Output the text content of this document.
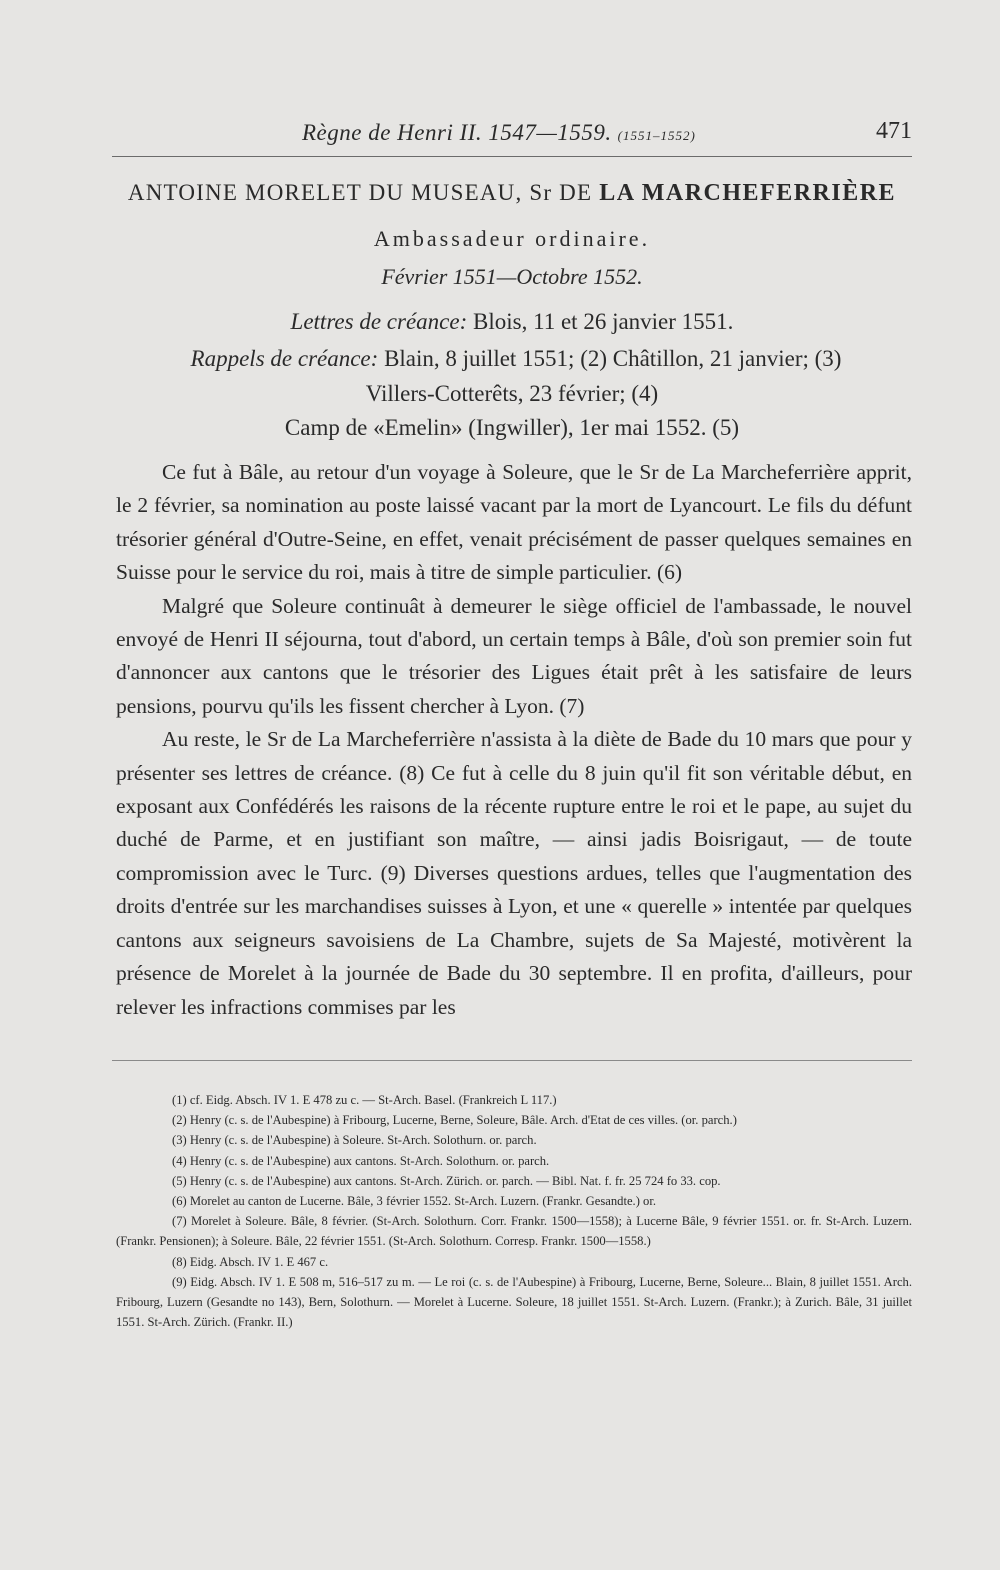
Règne de Henri II. 1547—1559. (1551–1552)	471
ANTOINE MORELET DU MUSEAU, Sr DE LA MARCHEFERRIÈRE
Ambassadeur ordinaire.
Février 1551—Octobre 1552.
Lettres de créance: Blois, 11 et 26 janvier 1551.
Rappels de créance: Blain, 8 juillet 1551; (2) Châtillon, 21 janvier; (3)
Villers-Cotterêts, 23 février; (4)
Camp de «Emelin» (Ingwiller), 1er mai 1552. (5)

Ce fut à Bâle, au retour d'un voyage à Soleure, que le Sr de La Marcheferrière apprit, le 2 février, sa nomination au poste laissé vacant par la mort de Lyancourt. Le fils du défunt trésorier général d'Outre-Seine, en effet, venait précisément de passer quelques semaines en Suisse pour le service du roi, mais à titre de simple particulier. (6)

Malgré que Soleure continuât à demeurer le siège officiel de l'ambassade, le nouvel envoyé de Henri II séjourna, tout d'abord, un certain temps à Bâle, d'où son premier soin fut d'annoncer aux cantons que le trésorier des Ligues était prêt à les satisfaire de leurs pensions, pourvu qu'ils les fissent chercher à Lyon. (7)

Au reste, le Sr de La Marcheferrière n'assista à la diète de Bade du 10 mars que pour y présenter ses lettres de créance. (8) Ce fut à celle du 8 juin qu'il fit son véritable début, en exposant aux Confédérés les raisons de la récente rupture entre le roi et le pape, au sujet du duché de Parme, et en justifiant son maître, — ainsi jadis Boisrigaut, — de toute compromission avec le Turc. (9) Diverses questions ardues, telles que l'augmentation des droits d'entrée sur les marchandises suisses à Lyon, et une « querelle » intentée par quelques cantons aux seigneurs savoisiens de La Chambre, sujets de Sa Majesté, motivèrent la présence de Morelet à la journée de Bade du 30 septembre. Il en profita, d'ailleurs, pour relever les infractions commises par les

(1) cf. Eidg. Absch. IV 1. E 478 zu c. — St-Arch. Basel. (Frankreich L 117.)

(2) Henry (c. s. de l'Aubespine) à Fribourg, Lucerne, Berne, Soleure, Bâle. Arch. d'Etat de ces villes. (or. parch.)

(3) Henry (c. s. de l'Aubespine) à Soleure. St-Arch. Solothurn. or. parch.

(4) Henry (c. s. de l'Aubespine) aux cantons. St-Arch. Solothurn. or. parch.

(5) Henry (c. s. de l'Aubespine) aux cantons. St-Arch. Zürich. or. parch. — Bibl. Nat. f. fr. 25 724 fo 33. cop.

(6) Morelet au canton de Lucerne. Bâle, 3 février 1552. St-Arch. Luzern. (Frankr. Gesandte.) or.

(7) Morelet à Soleure. Bâle, 8 février. (St-Arch. Solothurn. Corr. Frankr. 1500—1558); à Lucerne Bâle, 9 février 1551. or. fr. St-Arch. Luzern. (Frankr. Pensionen); à Soleure. Bâle, 22 février 1551. (St-Arch. Solothurn. Corresp. Frankr. 1500—1558.)

(8) Eidg. Absch. IV 1. E 467 c.

(9) Eidg. Absch. IV 1. E 508 m, 516–517 zu m. — Le roi (c. s. de l'Aubespine) à Fribourg, Lucerne, Berne, Soleure... Blain, 8 juillet 1551. Arch. Fribourg, Luzern (Gesandte no 143), Bern, Solothurn. — Morelet à Lucerne. Soleure, 18 juillet 1551. St-Arch. Luzern. (Frankr.); à Zurich. Bâle, 31 juillet 1551. St-Arch. Zürich. (Frankr. II.)
